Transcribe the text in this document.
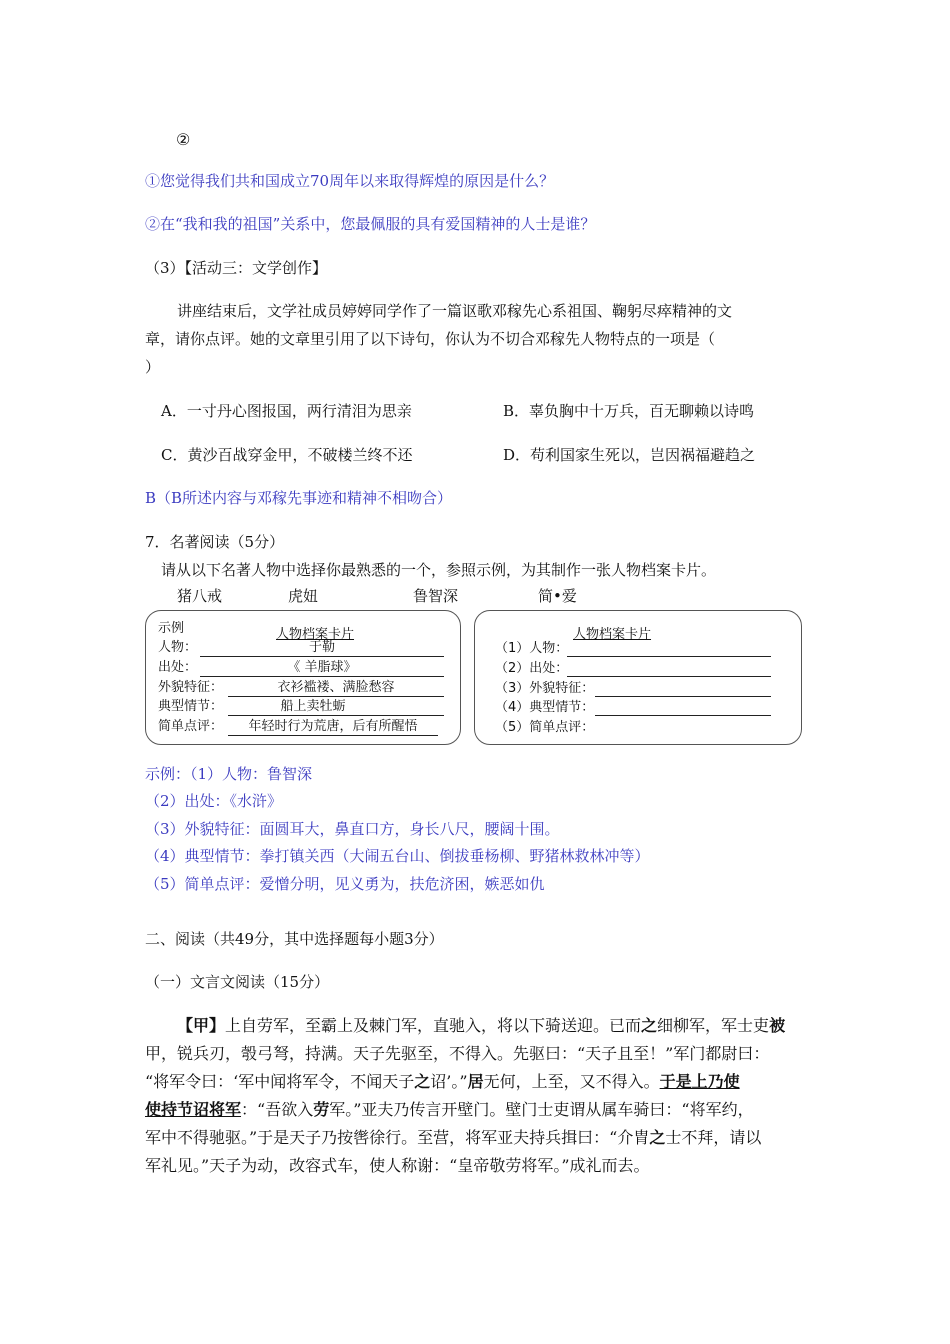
②
①您觉得我们共和国成立70周年以来取得辉煌的原因是什么？
②在“我和我的祖国”关系中，您最佩服的具有爱国精神的人士是谁？
（3）【活动三：文学创作】
讲座结束后，文学社成员婷婷同学作了一篇讴歌邓稼先心系祖国、鞠躬尽瘁精神的文
章，请你点评。她的文章里引用了以下诗句，你认为不切合邓稼先人物特点的一项是（
）
A．一寸丹心图报国，两行清泪为思亲	B．辜负胸中十万兵，百无聊赖以诗鸣
C．黄沙百战穿金甲，不破楼兰终不还	D．苟利国家生死以，岂因祸福避趋之
B（B所述内容与邓稼先事迹和精神不相吻合）
7．名著阅读（5分）
请从以下名著人物中选择你最熟悉的一个，参照示例，为其制作一张人物档案卡片。
猪八戒	虎妞	鲁智深	简•爱
示例	人物档案卡片
人物：	于勒
出处：	《 羊脂球》
外貌特征：	衣衫褴褛、满脸愁容
典型情节：	船上卖牡蛎
简单点评：	年轻时行为荒唐，后有所醒悟
人物档案卡片
（1）人物：
（2）出处：
（3）外貌特征：
（4）典型情节：
（5）简单点评：
示例：（1）人物：鲁智深
（2）出处：《水浒》
（3）外貌特征：面圆耳大，鼻直口方，身长八尺，腰阔十围。
（4）典型情节：拳打镇关西（大闹五台山、倒拔垂杨柳、野猪林救林冲等）
（5）简单点评：爱憎分明，见义勇为，扶危济困，嫉恶如仇
二、阅读（共49分，其中选择题每小题3分）
（一）文言文阅读（15分）
【甲】上自劳军，至霸上及棘门军，直驰入，将以下骑送迎。已而之细柳军，军士吏被
甲，锐兵刃，彀弓弩，持满。天子先驱至，不得入。先驱曰：“天子且至！”军门都尉曰：
“将军令曰：‘军中闻将军令，不闻天子之诏’。”居无何，上至，又不得入。于是上乃使
使持节诏将军：“吾欲入劳军。”亚夫乃传言开壁门。壁门士吏谓从属车骑曰：“将军约，
军中不得驰驱。”于是天子乃按辔徐行。至营，将军亚夫持兵揖曰：“介胄之士不拜，请以
军礼见。”天子为动，改容式车，使人称谢：“皇帝敬劳将军。”成礼而去。
